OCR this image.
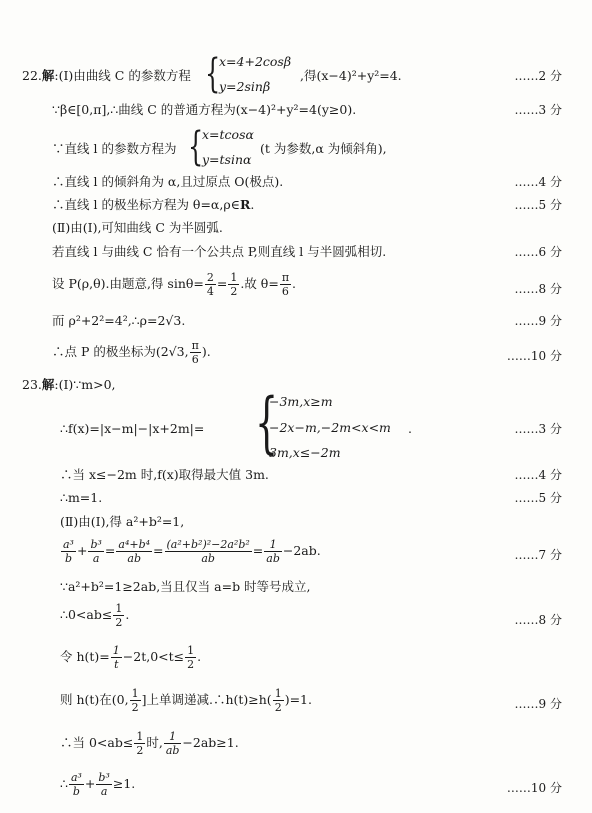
22.解:(Ⅰ)由曲线 C 的参数方程 {
x=4+2cosβ
y=2sinβ
,得(x−4)²+y²=4.	……2 分
∵β∈[0,π],∴曲线 C 的普通方程为(x−4)²+y²=4(y≥0).	……3 分
∵直线 l 的参数方程为 {
x=tcosα
y=tsinα
(t 为参数,α 为倾斜角),
∴直线 l 的倾斜角为 α,且过原点 O(极点).	……4 分
∴直线 l 的极坐标方程为 θ=α,ρ∈R.	……5 分
(Ⅱ)由(Ⅰ),可知曲线 C 为半圆弧.
若直线 l 与曲线 C 恰有一个公共点 P,则直线 l 与半圆弧相切.	……6 分
设 P(ρ,θ).由题意,得 $\sin\theta= \frac{2}{4} = \frac{1}{2}$ .故 $\theta= \frac{\pi}{6}$ .	……8 分
而 ρ²+2²=4²,∴ρ=2√3.	……9 分
∴点 P 的极坐标为(2√3, $\frac{\pi}{6}$ ).	……10 分
23.解:(Ⅰ)∵m>0,
∴f(x)=|x−m|−|x+2m|= {
−3m,x≥m
−2x−m,−2m<x<m
3m,x≤−2m
.	……3 分
∴当 x≤−2m 时,f(x)取得最大值 3m.	……4 分
∴m=1.	……5 分
(Ⅱ)由(Ⅰ),得 a²+b²=1,
$\frac{\text{a³}}{b} + \frac{\text{b³}}{a} = \frac{\text{a⁴+b⁴}}{ab} = \frac{\text{(a²+b²)²−2a²b²}}{ab} = \frac{1}{ab} -2ab$.	……7 分
∵a²+b²=1≥2ab,当且仅当 a=b 时等号成立,
∴0<ab≤ $\frac{1}{2}$ .	……8 分
令 $h(t)= \frac{1}{t} -2t,0<t\le \frac{1}{2}$ .
则 h(t)在(0, $\frac{1}{2}$ ]上单调递减.∴h(t)≥h( $\frac{1}{2} )=1$.	……9 分
∴当 $0<ab\le \frac{1}{2}$ 时, $\frac{1}{ab} -2ab\ge 1$.
∴ $\frac{\text{a³}}{b} + \frac{\text{b³}}{a} \ge 1$.	……10 分
